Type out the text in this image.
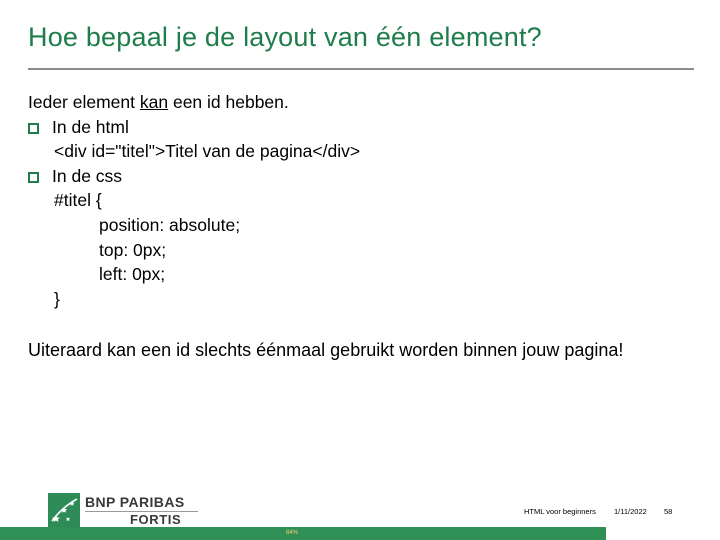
Hoe bepaal je de layout van één element?
Ieder element kan een id hebben.
In de html
<div id="titel">Titel van de pagina</div>
In de css
#titel {
position: absolute;
top: 0px;
left: 0px;
}
Uiteraard kan een id slechts éénmaal gebruikt worden binnen jouw pagina!
BNP PARIBAS
FORTIS
HTML voor beginners 1/11/2022 58
84%
